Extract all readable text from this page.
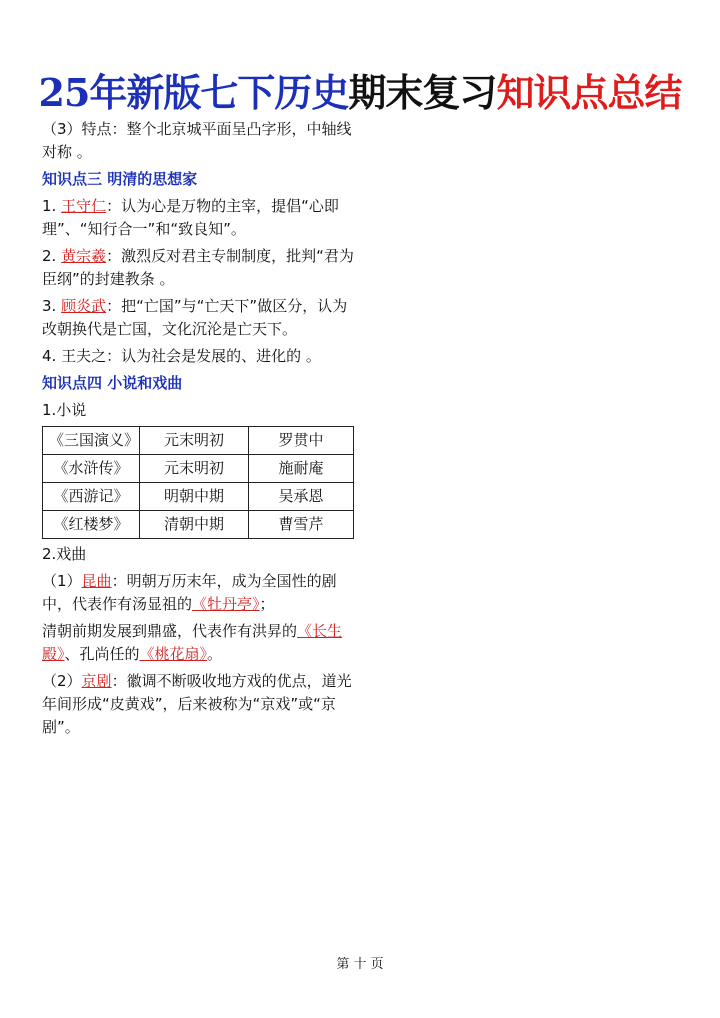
25年新版七下历史期末复习知识点总结

（3）特点：整个北京城平面呈凸字形，中轴线对称 。

知识点三 明清的思想家

1. 王守仁：认为心是万物的主宰，提倡“心即理”、“知行合一”和“致良知”。

2. 黄宗羲：激烈反对君主专制制度，批判“君为臣纲”的封建教条 。

3. 顾炎武：把“亡国”与“亡天下”做区分，认为改朝换代是亡国，文化沉沦是亡天下。

4. 王夫之：认为社会是发展的、进化的 。

知识点四 小说和戏曲
1.小说
《三国演义》	元末明初	罗贯中
《水浒传》	元末明初	施耐庵
《西游记》	明朝中期	吴承恩
《红楼梦》	清朝中期	曹雪芹
2.戏曲

（1）昆曲：明朝万历末年，成为全国性的剧中，代表作有汤显祖的《牡丹亭》；

清朝前期发展到鼎盛，代表作有洪昇的《长生殿》、孔尚任的《桃花扇》。

（2）京剧：徽调不断吸收地方戏的优点，道光年间形成“皮黄戏”，后来被称为“京戏”或“京剧”。

第 十 页
